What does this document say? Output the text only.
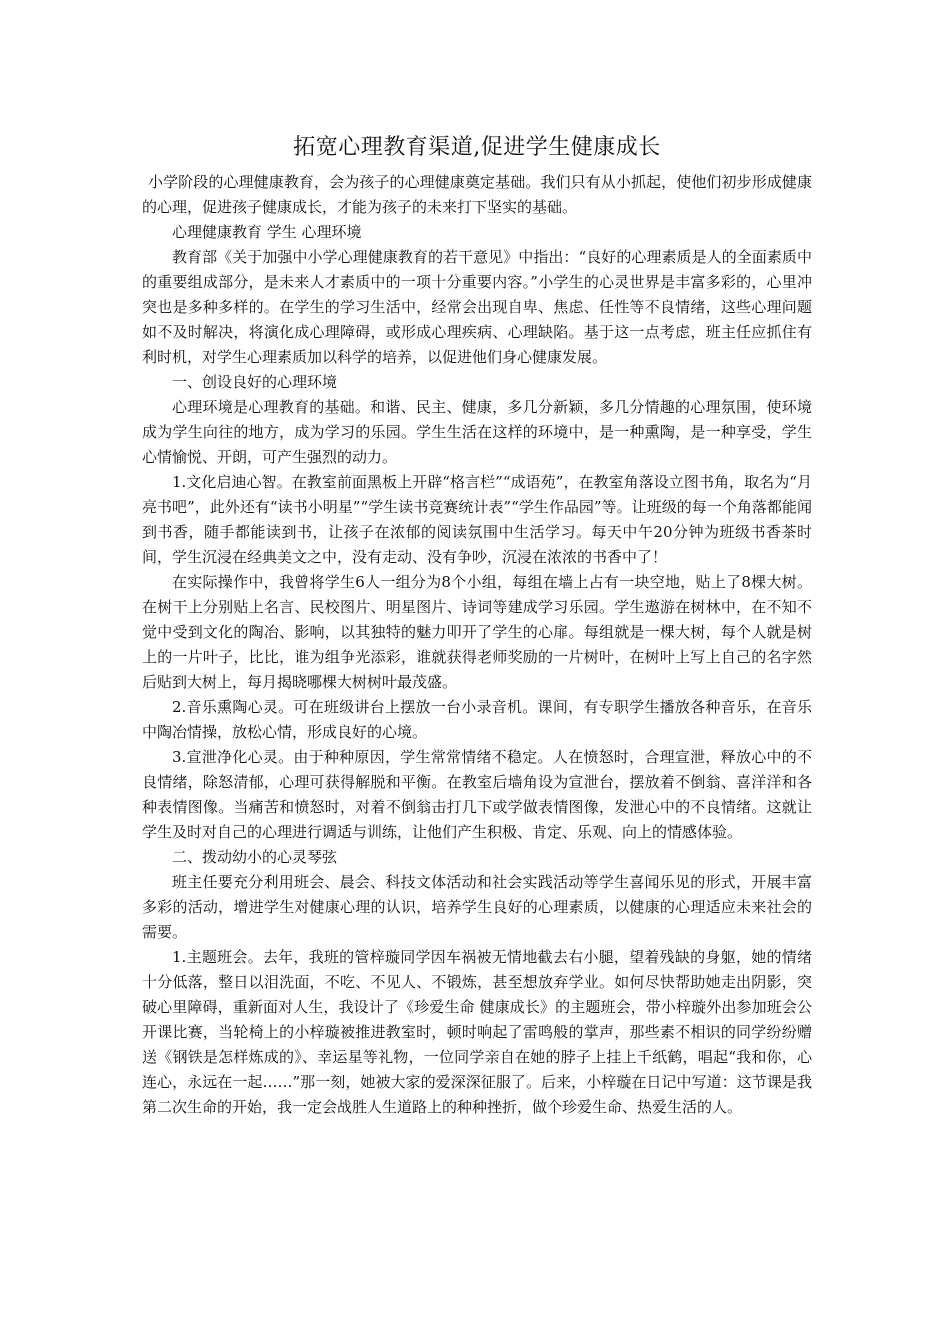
拓宽心理教育渠道,促进学生健康成长

小学阶段的心理健康教育，会为孩子的心理健康奠定基础。我们只有从小抓起，使他们初步形成健康的心理，促进孩子健康成长，才能为孩子的未来打下坚实的基础。

心理健康教育 学生 心理环境

教育部《关于加强中小学心理健康教育的若干意见》中指出：“良好的心理素质是人的全面素质中的重要组成部分，是未来人才素质中的一项十分重要内容。”小学生的心灵世界是丰富多彩的，心里冲突也是多种多样的。在学生的学习生活中，经常会出现自卑、焦虑、任性等不良情绪，这些心理问题如不及时解决，将演化成心理障碍，或形成心理疾病、心理缺陷。基于这一点考虑，班主任应抓住有利时机，对学生心理素质加以科学的培养，以促进他们身心健康发展。

一、创设良好的心理环境

心理环境是心理教育的基础。和谐、民主、健康，多几分新颖，多几分情趣的心理氛围，使环境成为学生向往的地方，成为学习的乐园。学生生活在这样的环境中，是一种熏陶，是一种享受，学生心情愉悦、开朗，可产生强烈的动力。

1.文化启迪心智。在教室前面黑板上开辟“格言栏”“成语苑”，在教室角落设立图书角，取名为“月亮书吧”，此外还有“读书小明星”“学生读书竞赛统计表”“学生作品园”等。让班级的每一个角落都能闻到书香，随手都能读到书，让孩子在浓郁的阅读氛围中生活学习。每天中午20分钟为班级书香茶时间，学生沉浸在经典美文之中，没有走动、没有争吵，沉浸在浓浓的书香中了！

在实际操作中，我曾将学生6人一组分为8个小组，每组在墙上占有一块空地，贴上了8棵大树。在树干上分别贴上名言、民校图片、明星图片、诗词等建成学习乐园。学生遨游在树林中，在不知不觉中受到文化的陶冶、影响，以其独特的魅力叩开了学生的心扉。每组就是一棵大树，每个人就是树上的一片叶子，比比，谁为组争光添彩，谁就获得老师奖励的一片树叶，在树叶上写上自己的名字然后贴到大树上，每月揭晓哪棵大树树叶最茂盛。

2.音乐熏陶心灵。可在班级讲台上摆放一台小录音机。课间，有专职学生播放各种音乐，在音乐中陶冶情操，放松心情，形成良好的心境。

3.宣泄净化心灵。由于种种原因，学生常常情绪不稳定。人在愤怒时，合理宣泄，释放心中的不良情绪，除怒清郁，心理可获得解脱和平衡。在教室后墙角设为宣泄台，摆放着不倒翁、喜洋洋和各种表情图像。当痛苦和愤怒时，对着不倒翁击打几下或学做表情图像，发泄心中的不良情绪。这就让学生及时对自己的心理进行调适与训练，让他们产生积极、肯定、乐观、向上的情感体验。

二、拨动幼小的心灵琴弦

班主任要充分利用班会、晨会、科技文体活动和社会实践活动等学生喜闻乐见的形式，开展丰富多彩的活动，增进学生对健康心理的认识，培养学生良好的心理素质，以健康的心理适应未来社会的需要。

1.主题班会。去年，我班的管梓璇同学因车祸被无情地截去右小腿，望着残缺的身躯，她的情绪十分低落，整日以泪洗面，不吃、不见人、不锻炼，甚至想放弃学业。如何尽快帮助她走出阴影，突破心里障碍，重新面对人生，我设计了《珍爱生命 健康成长》的主题班会，带小梓璇外出参加班会公开课比赛，当轮椅上的小梓璇被推进教室时，顿时响起了雷鸣般的掌声，那些素不相识的同学纷纷赠送《钢铁是怎样炼成的》、幸运星等礼物，一位同学亲自在她的脖子上挂上千纸鹤，唱起“我和你，心连心，永远在一起……”那一刻，她被大家的爱深深征服了。后来，小梓璇在日记中写道：这节课是我第二次生命的开始，我一定会战胜人生道路上的种种挫折，做个珍爱生命、热爱生活的人。
